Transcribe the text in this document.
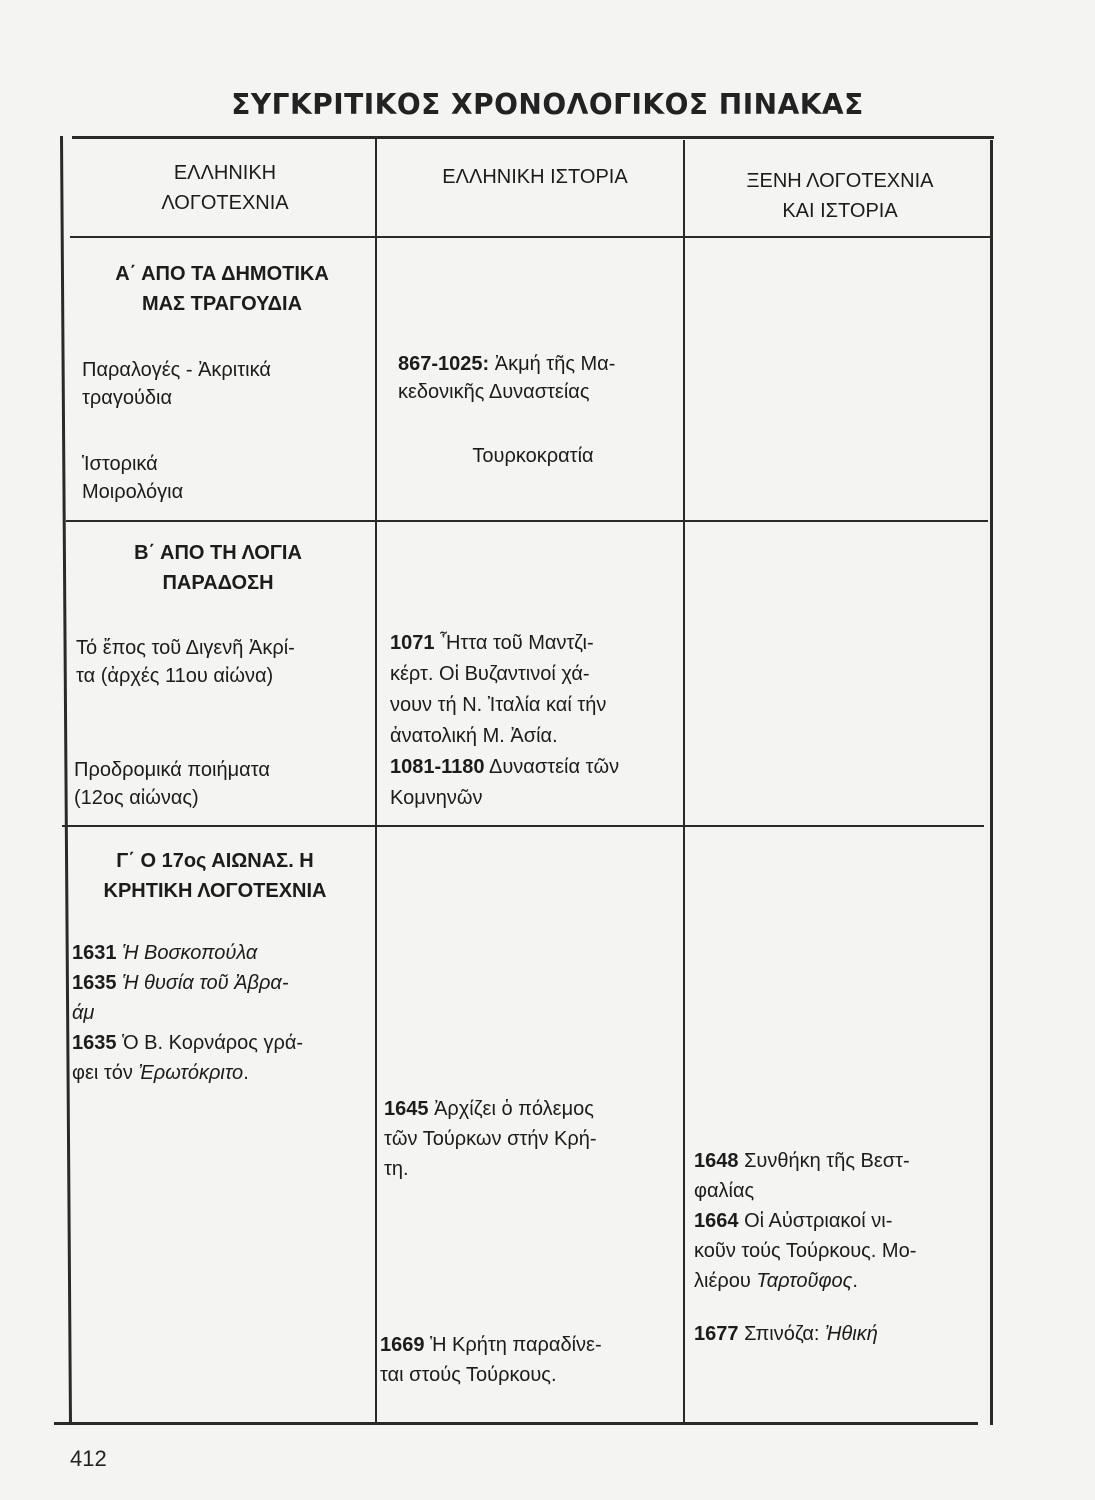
ΣΥΓΚΡΙΤΙΚΟΣ ΧΡΟΝΟΛΟΓΙΚΟΣ ΠΙΝΑΚΑΣ
ΕΛΛΗΝΙΚΗ
ΛΟΓΟΤΕΧΝΙΑ
ΕΛΛΗΝΙΚΗ ΙΣΤΟΡΙΑ	ΞΕΝΗ ΛΟΓΟΤΕΧΝΙΑ
ΚΑΙ ΙΣΤΟΡΙΑ
Α΄ ΑΠΟ ΤΑ ΔΗΜΟΤΙΚΑ
ΜΑΣ ΤΡΑΓΟΥΔΙΑ
Παραλογές - Ἀκριτικά
τραγούδια
Ἱστορικά
Μοιρολόγια
867-1025: Ἀκμή τῆς Μα-
κεδονικῆς Δυναστείας
Τουρκοκρατία
Β΄ ΑΠΟ ΤΗ ΛΟΓΙΑ
ΠΑΡΑΔΟΣΗ
Τό ἔπος τοῦ Διγενῆ Ἀκρί-
τα (ἀρχές 11ου αἰώνα)
Προδρομικά ποιήματα
(12ος αἰώνας)
1071 Ἧττα τοῦ Μαντζι-
κέρτ. Οἱ Βυζαντινοί χά-
νουν τή Ν. Ἰταλία καί τήν
ἀνατολική Μ. Ἀσία.
1081-1180 Δυναστεία τῶν
Κομνηνῶν
Γ΄ Ο 17ος ΑΙΩΝΑΣ. Η
ΚΡΗΤΙΚΗ ΛΟΓΟΤΕΧΝΙΑ
1631 Ἡ Βοσκοπούλα
1635 Ἡ θυσία τοῦ Ἀβρα-
άμ
1635 Ὁ Β. Κορνάρος γρά-
φει τόν Ἐρωτόκριτο.
1645 Ἀρχίζει ὁ πόλεμος
τῶν Τούρκων στήν Κρή-
τη.
1669 Ἡ Κρήτη παραδίνε-
ται στούς Τούρκους.
1648 Συνθήκη τῆς Βεστ-
φαλίας
1664 Οἱ Αὐστριακοί νι-
κοῦν τούς Τούρκους. Μο-
λιέρου Ταρτοῦφος.
1677 Σπινόζα: Ἠθική
412
